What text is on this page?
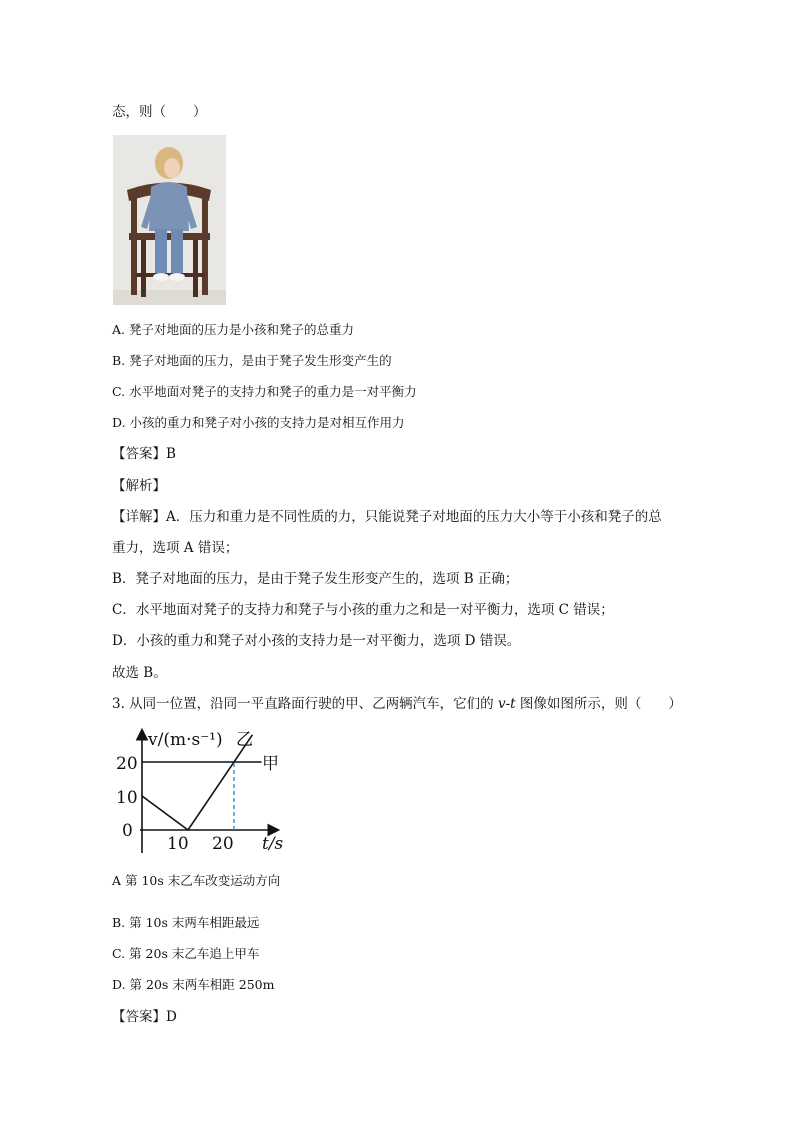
态，则（　　）
A. 凳子对地面的压力是小孩和凳子的总重力
B. 凳子对地面的压力，是由于凳子发生形变产生的
C. 水平地面对凳子的支持力和凳子的重力是一对平衡力
D. 小孩的重力和凳子对小孩的支持力是对相互作用力
【答案】B
【解析】
【详解】A．压力和重力是不同性质的力，只能说凳子对地面的压力大小等于小孩和凳子的总
重力，选项 A 错误；
B．凳子对地面的压力，是由于凳子发生形变产生的，选项 B 正确；
C．水平地面对凳子的支持力和凳子与小孩的重力之和是一对平衡力，选项 C 错误；
D．小孩的重力和凳子对小孩的支持力是一对平衡力，选项 D 错误。
故选 B。
3. 从同一位置，沿同一平直路面行驶的甲、乙两辆汽车，它们的 v-t 图像如图所示，则（　　）
v/(m·s⁻¹)
t/s
0
10
20
10 20
甲
乙
A 第 10s 末乙车改变运动方向
B. 第 10s 末两车相距最远
C. 第 20s 末乙车追上甲车
D. 第 20s 末两车相距 250m
【答案】D
